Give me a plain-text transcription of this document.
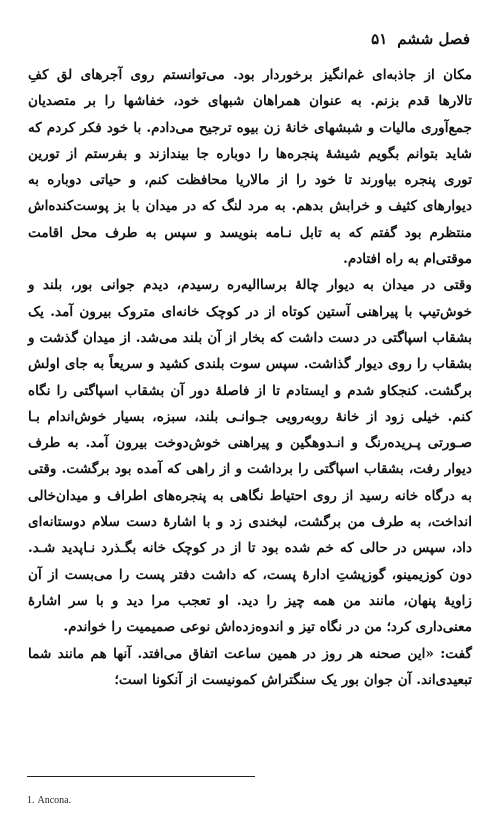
فصل ششم
۵۱

مکان از جاذبه‌ای غم‌انگیز برخوردار بود. می‌توانستم روی آجرهای لق کفِ تالارها قدم بزنم. به عنوان همراهان شبهای خود، خفاشها را بر متصدیان جمع‌آوری مالیات و شبشهای خانهٔ زن بیوه ترجیح می‌دادم. با خود فکر کردم که شاید بتوانم بگویم شیشهٔ پنجره‌ها را دوباره جا بیندازند و بفرستم از تورین توری پنجره بیاورند تا خود را از مالاریا محافظت کنم، و حیاتی دوباره به دیوارهای کثیف و خرابش بدهم. به مرد لنگ که در میدان با بز پوست‌کنده‌اش منتظرم بود گفتم که به تابل نـامه بنویسد و سپس به طرف محل اقامت موقتی‌ام به راه افتادم.

وقتی در میدان به دیوار چالهٔ برساالیه‌ره رسیدم، دیدم جوانی بور، بلند و خوش‌تیپ با پیراهنی آستین کوتاه از در کوچک خانه‌ای متروک بیرون آمد. یک بشقاب اسپاگتی در دست داشت که بخار از آن بلند می‌شد. از میدان گذشت و بشقاب را روی دیوار گذاشت. سپس سوت بلندی کشید و سریعاً به جای اولش برگشت. کنجکاو شدم و ایستادم تا از فاصلهٔ دور آن بشقاب اسپاگتی را نگاه کنم. خیلی زود از خانهٔ روبه‌رویی جـوانـی بلند، سبزه، بسیار خوش‌اندام بـا صـورتی پـریده‌رنگ و انـدوهگین و پیراهنی خوش‌دوخت بیرون آمد. به طرف دیوار رفت، بشقاب اسپاگتی را برداشت و از راهی که آمده بود برگشت. وقتی به درگاه خانه رسید از روی احتیاط نگاهی به پنجره‌های اطراف و میدان‌خالی انداخت، به طرف من برگشت، لبخندی زد و با اشارهٔ دست سلام دوستانه‌ای داد، سپس در حالی که خم شده بود تا از در کوچک خانه بگـذرد نـاپدید شـد. دون کوزیمینو، گوزپشتِ ادارهٔ پست، که داشت دفتر پست را می‌بست از آن زاویهٔ پنهان، مانند من همه چیز را دید. او تعجب مرا دید و با سر اشارهٔ معنی‌داری کرد؛ من در نگاه تیز و اندوه‌زده‌اش نوعی صمیمیت را خواندم.

گفت: «این صحنه هر روز در همین ساعت اتفاق می‌افتد. آنها هم مانند شما تبعیدی‌اند. آن جوان بور یک سنگتراش کمونیست از آنکونا است؛

1. Ancona.
